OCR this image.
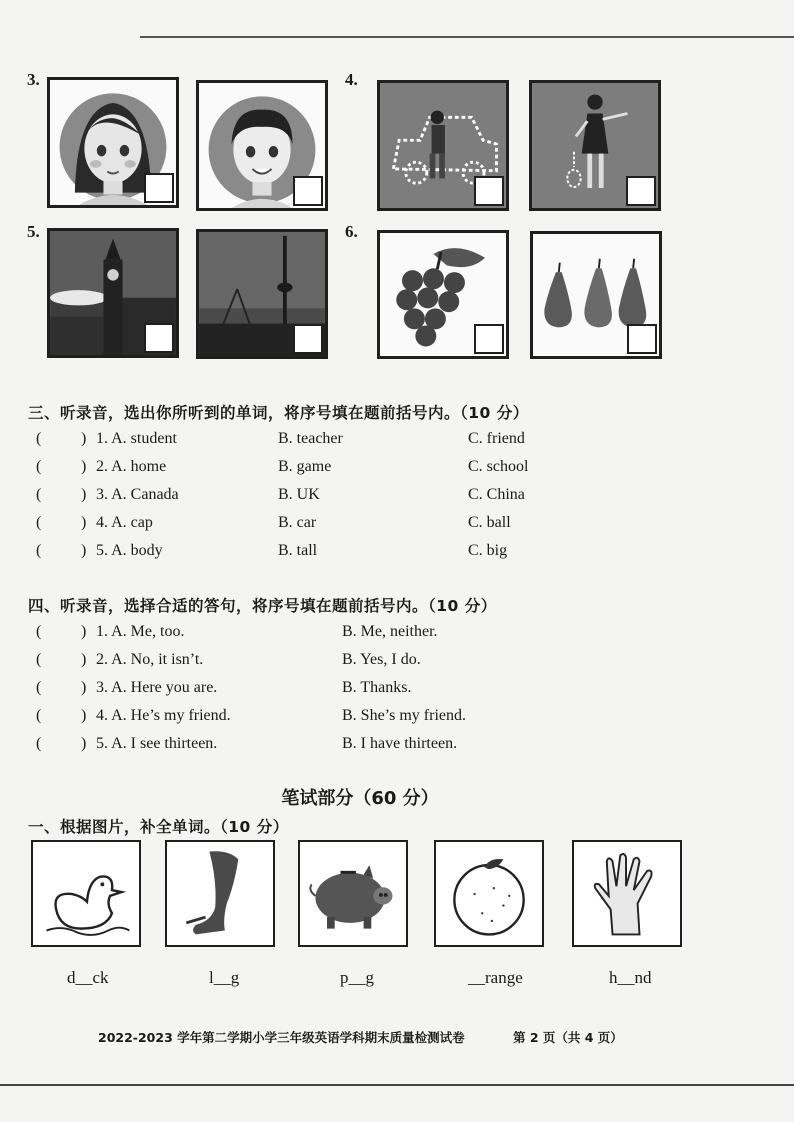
3.	4.
5.	6.
三、听录音，选出你所听到的单词，将序号填在题前括号内。（10 分）
( ) 1. A. student	B. teacher	C. friend
( ) 2. A. home	B. game	C. school
( ) 3. A. Canada	B. UK	C. China
( ) 4. A. cap	B. car	C. ball
( ) 5. A. body	B. tall	C. big
四、听录音，选择合适的答句，将序号填在题前括号内。（10 分）
( ) 1. A. Me, too.	B. Me, neither.
( ) 2. A. No, it isn’t.	B. Yes, I do.
( ) 3. A. Here you are.	B. Thanks.
( ) 4. A. He’s my friend.	B. She’s my friend.
( ) 5. A. I see thirteen.	B. I have thirteen.
笔试部分（60 分）
一、根据图片，补全单词。（10 分）
d__ck	l__g	p__g	__range	h__nd
2022-2023 学年第二学期小学三年级英语学科期末质量检测试卷	第 2 页（共 4 页）
